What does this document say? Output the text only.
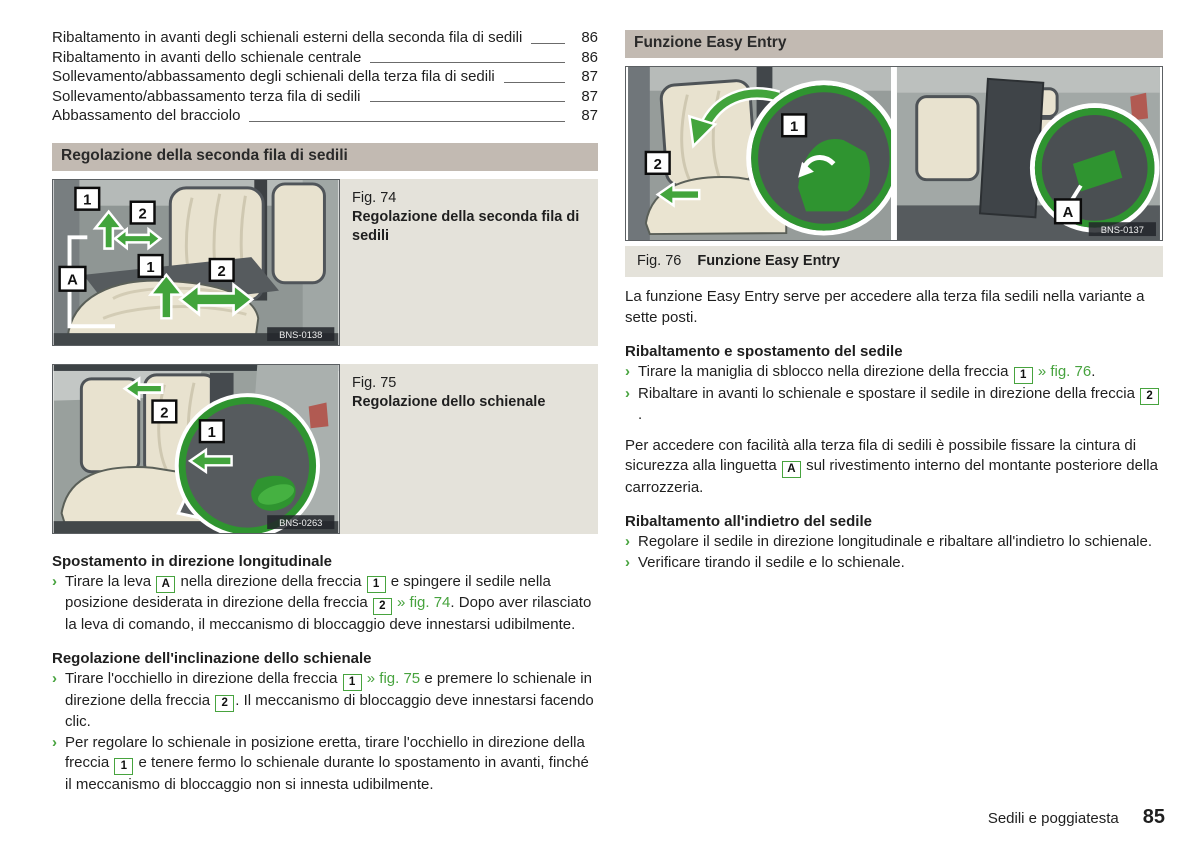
Ribaltamento in avanti degli schienali esterni della seconda fila di sedili	86
Ribaltamento in avanti dello schienale centrale	86
Sollevamento/abbassamento degli schienali della terza fila di sedili	87
Sollevamento/abbassamento terza fila di sedili	87
Abbassamento del bracciolo	87
Regolazione della seconda fila di sedili
1
2
A
1	2
BNS-0138
Fig. 74
Regolazione della seconda fila di sedili
2
1
BNS-0263
Fig. 75
Regolazione dello schienale
Spostamento in direzione longitudinale
› Tirare la leva A nella direzione della freccia 1 e spingere il sedile nella posizione desiderata in direzione della freccia 2 » fig. 74. Dopo aver rilasciato la leva di comando, il meccanismo di bloccaggio deve innestarsi udibilmente.
Regolazione dell'inclinazione dello schienale
› Tirare l'occhiello in direzione della freccia 1 » fig. 75 e premere lo schienale in direzione della freccia 2 . Il meccanismo di bloccaggio deve innestarsi facendo clic.
› Per regolare lo schienale in posizione eretta, tirare l'occhiello in direzione della freccia 1 e tenere fermo lo schienale durante lo spostamento in avanti, finché il meccanismo di bloccaggio non si innesta udibilmente.
Funzione Easy Entry
2
1
A
BNS-0137
Fig. 76 Funzione Easy Entry
La funzione Easy Entry serve per accedere alla terza fila sedili nella variante a sette posti.
Ribaltamento e spostamento del sedile
› Tirare la maniglia di sblocco nella direzione della freccia 1 » fig. 76.
› Ribaltare in avanti lo schienale e spostare il sedile in direzione della freccia 2.
Per accedere con facilità alla terza fila di sedili è possibile fissare la cintura di sicurezza alla linguetta A sul rivestimento interno del montante posteriore della carrozzeria.
Ribaltamento all'indietro del sedile
› Regolare il sedile in direzione longitudinale e ribaltare all'indietro lo schienale.
› Verificare tirando il sedile e lo schienale.
Sedili e poggiatesta 85
